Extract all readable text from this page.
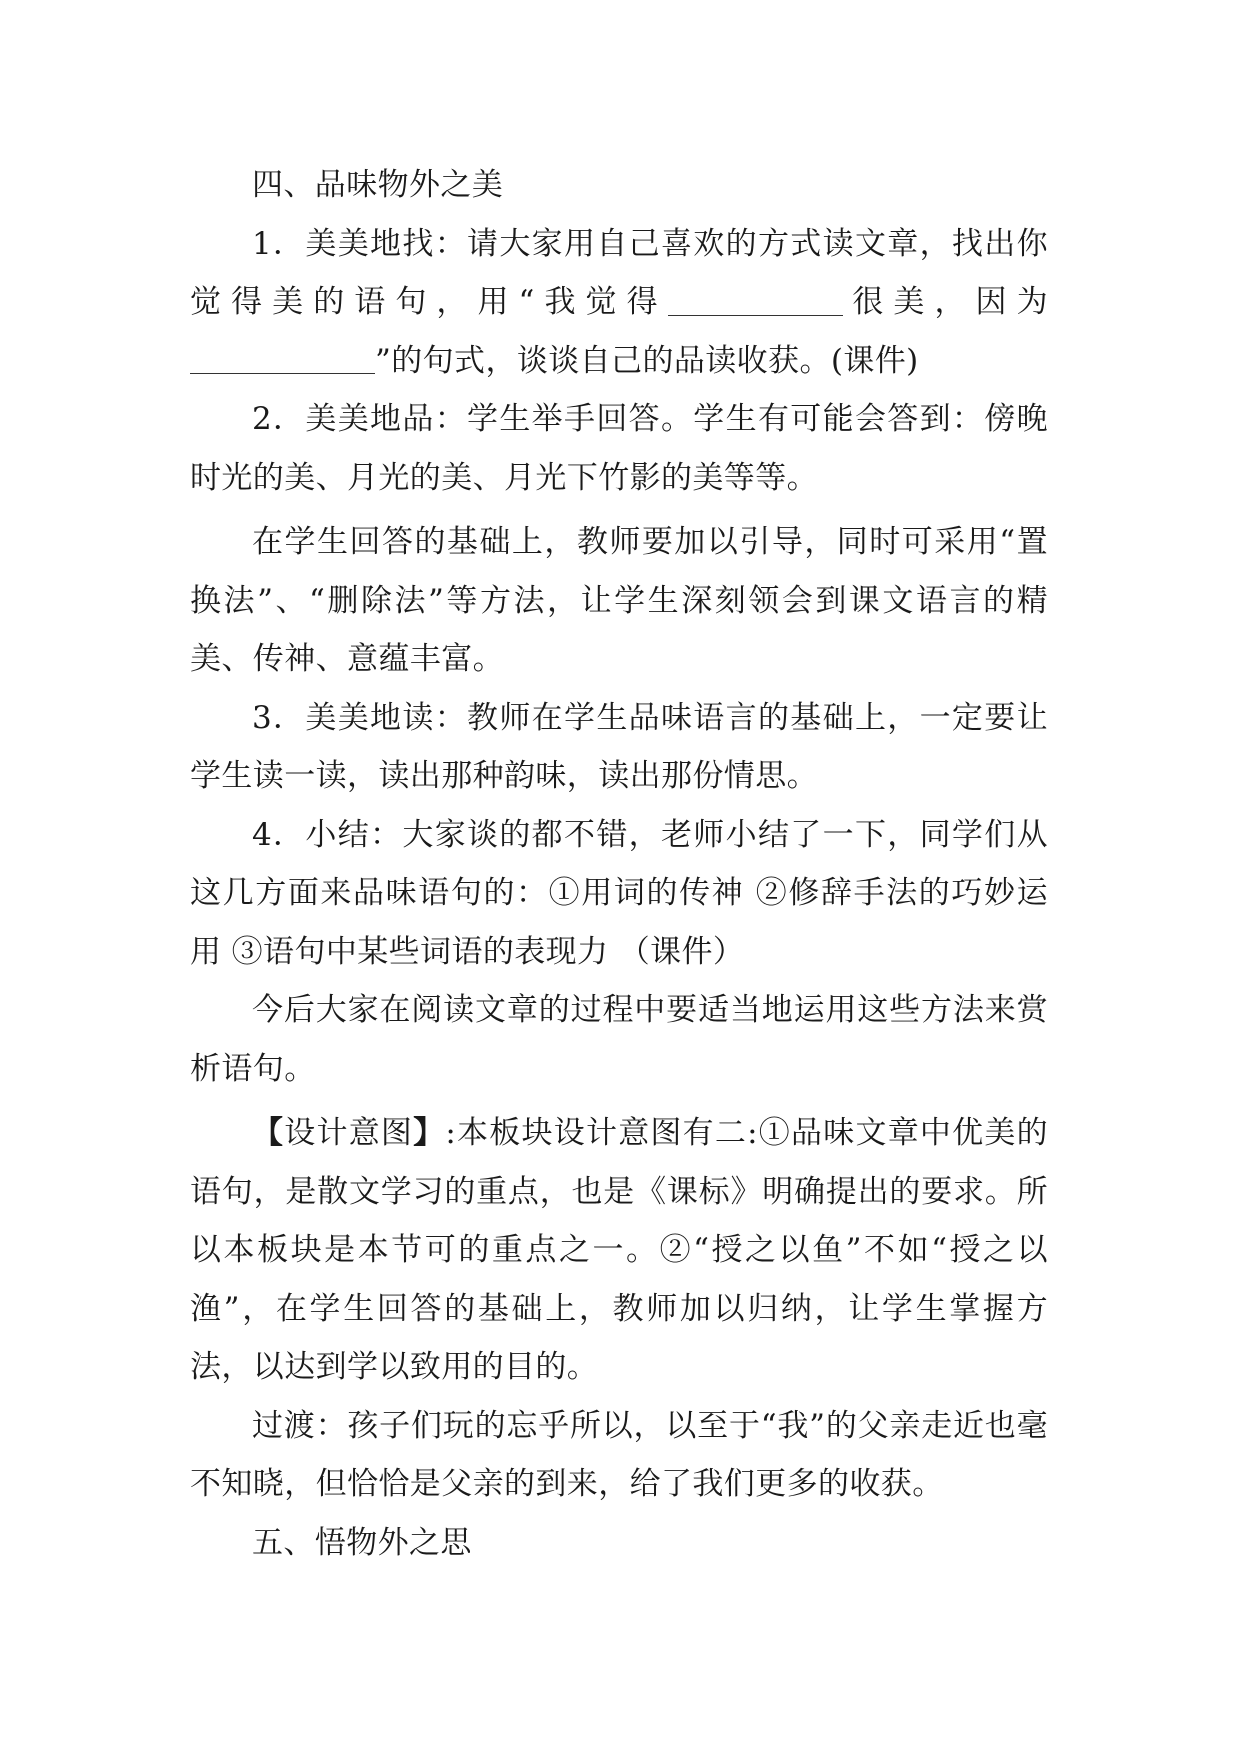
四、品味物外之美

1．美美地找：请大家用自己喜欢的方式读文章，找出你觉得美的语句，用“我觉得	很美，因为”的句式，谈谈自己的品读收获。(课件)

2．美美地品：学生举手回答。学生有可能会答到：傍晚时光的美、月光的美、月光下竹影的美等等。

在学生回答的基础上，教师要加以引导，同时可采用“置换法”、“删除法”等方法，让学生深刻领会到课文语言的精美、传神、意蕴丰富。

3．美美地读：教师在学生品味语言的基础上，一定要让学生读一读，读出那种韵味，读出那份情思。

4．小结：大家谈的都不错，老师小结了一下，同学们从这几方面来品味语句的：①用词的传神 ②修辞手法的巧妙运用 ③语句中某些词语的表现力 （课件）

今后大家在阅读文章的过程中要适当地运用这些方法来赏析语句。

【设计意图】:本板块设计意图有二:①品味文章中优美的语句，是散文学习的重点，也是《课标》明确提出的要求。所以本板块是本节可的重点之一。②“授之以鱼”不如“授之以渔”，在学生回答的基础上，教师加以归纳，让学生掌握方法，以达到学以致用的目的。

过渡：孩子们玩的忘乎所以，以至于“我”的父亲走近也毫不知晓，但恰恰是父亲的到来，给了我们更多的收获。

五、悟物外之思
